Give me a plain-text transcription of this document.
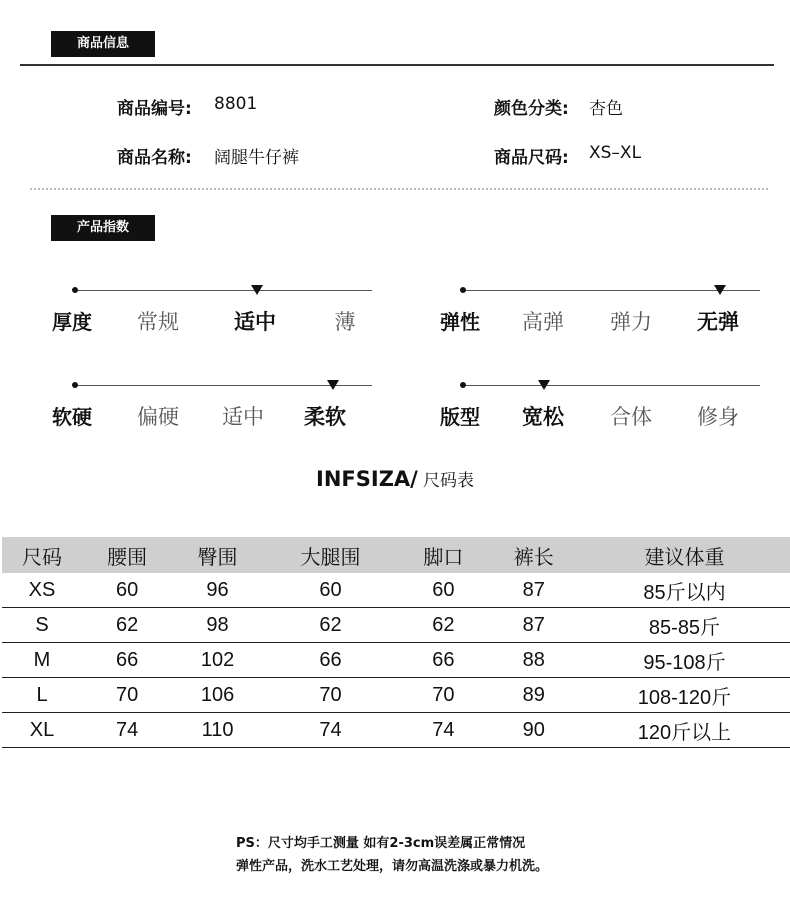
商品信息
商品编号: 8801	颜色分类: 杏色
商品名称: 阔腿牛仔裤	商品尺码: XS–XL
产品指数
厚度	常规	适中	薄	弹性	高弹	弹力	无弹
软硬	偏硬	适中	柔软	版型	宽松	合体	修身
INFSIZA/ 尺码表
尺码	腰围	臀围	大腿围	脚口	裤长	建议体重
XS	60	96	60	60	87	85斤以内
S	62	98	62	62	87	85-85斤
M	66	102	66	66	88	95-108斤
L	70	106	70	70	89	108-120斤
XL	74	110	74	74	90	120斤以上
PS：尺寸均手工测量 如有2-3cm误差属正常情况
弹性产品，洗水工艺处理，请勿高温洗涤或暴力机洗。
